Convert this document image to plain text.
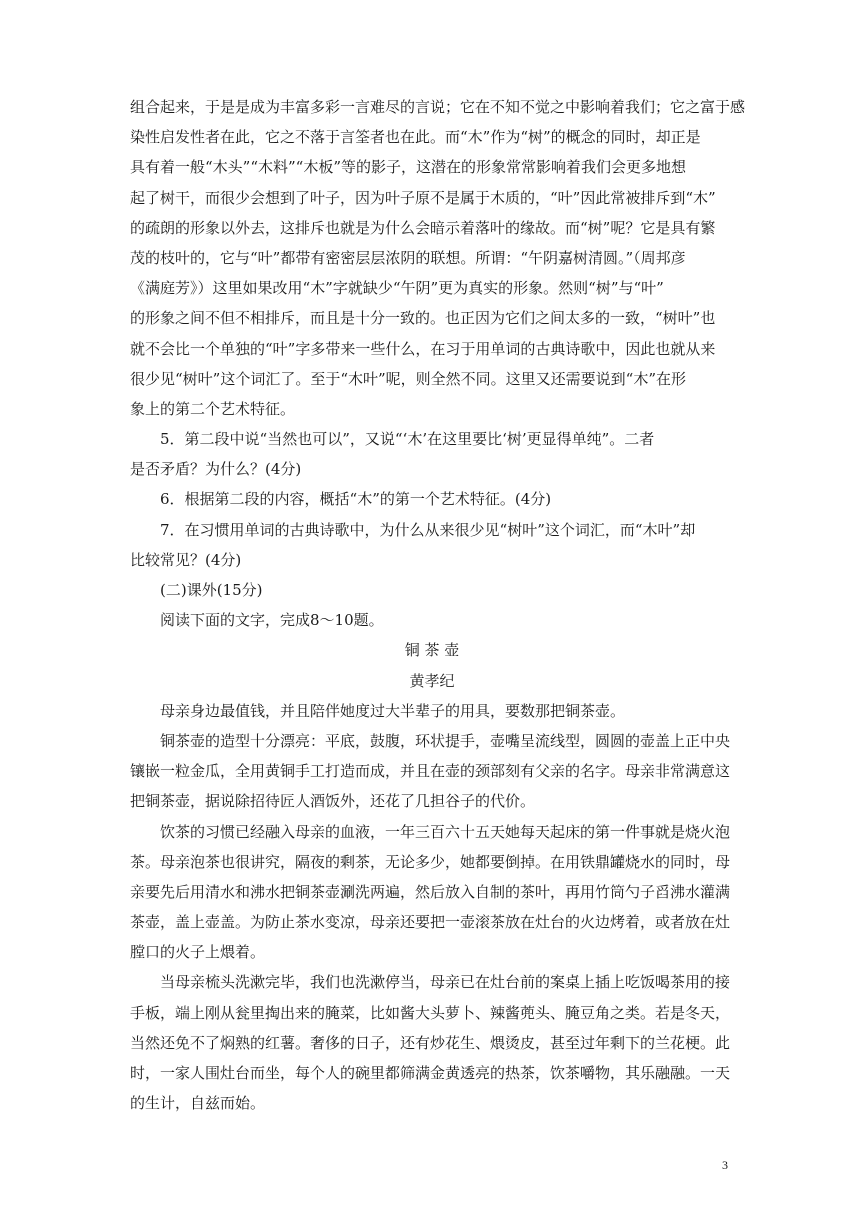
组合起来，于是是成为丰富多彩一言难尽的言说；它在不知不觉之中影响着我们；它之富于感
染性启发性者在此，它之不落于言筌者也在此。而“木”作为“树”的概念的同时，却正是
具有着一般“木头”“木料”“木板”等的影子，这潜在的形象常常影响着我们会更多地想
起了树干，而很少会想到了叶子，因为叶子原不是属于木质的，“叶”因此常被排斥到“木”
的疏朗的形象以外去，这排斥也就是为什么会暗示着落叶的缘故。而“树”呢？它是具有繁
茂的枝叶的，它与“叶”都带有密密层层浓阴的联想。所谓：“午阴嘉树清圆。”（周邦彦
《满庭芳》）这里如果改用“木”字就缺少“午阴”更为真实的形象。然则“树”与“叶”
的形象之间不但不相排斥，而且是十分一致的。也正因为它们之间太多的一致，“树叶”也
就不会比一个单独的“叶”字多带来一些什么，在习于用单词的古典诗歌中，因此也就从来
很少见“树叶”这个词汇了。至于“木叶”呢，则全然不同。这里又还需要说到“木”在形
象上的第二个艺术特征。
5．第二段中说“当然也可以”，又说“‘木’在这里要比‘树’更显得单纯”。二者
是否矛盾？为什么？(4分)
6．根据第二段的内容，概括“木”的第一个艺术特征。(4分)
7．在习惯用单词的古典诗歌中，为什么从来很少见“树叶”这个词汇，而“木叶”却
比较常见？(4分)
(二)课外(15分)
阅读下面的文字，完成8～10题。
铜 茶 壶
黄孝纪
母亲身边最值钱，并且陪伴她度过大半辈子的用具，要数那把铜茶壶。
铜茶壶的造型十分漂亮：平底，鼓腹，环状提手，壶嘴呈流线型，圆圆的壶盖上正中央
镶嵌一粒金瓜，全用黄铜手工打造而成，并且在壶的颈部刻有父亲的名字。母亲非常满意这
把铜茶壶，据说除招待匠人酒饭外，还花了几担谷子的代价。
饮茶的习惯已经融入母亲的血液，一年三百六十五天她每天起床的第一件事就是烧火泡
茶。母亲泡茶也很讲究，隔夜的剩茶，无论多少，她都要倒掉。在用铁鼎罐烧水的同时，母
亲要先后用清水和沸水把铜茶壶涮洗两遍，然后放入自制的茶叶，再用竹筒勺子舀沸水灌满
茶壶，盖上壶盖。为防止茶水变凉，母亲还要把一壶滚茶放在灶台的火边烤着，或者放在灶
膛口的火子上煨着。
当母亲梳头洗漱完毕，我们也洗漱停当，母亲已在灶台前的案桌上插上吃饭喝茶用的接
手板，端上刚从瓮里掏出来的腌菜，比如酱大头萝卜、辣酱蔸头、腌豆角之类。若是冬天，
当然还免不了焖熟的红薯。奢侈的日子，还有炒花生、煨烫皮，甚至过年剩下的兰花梗。此
时，一家人围灶台而坐，每个人的碗里都筛满金黄透亮的热茶，饮茶嚼物，其乐融融。一天
的生计，自兹而始。
3
